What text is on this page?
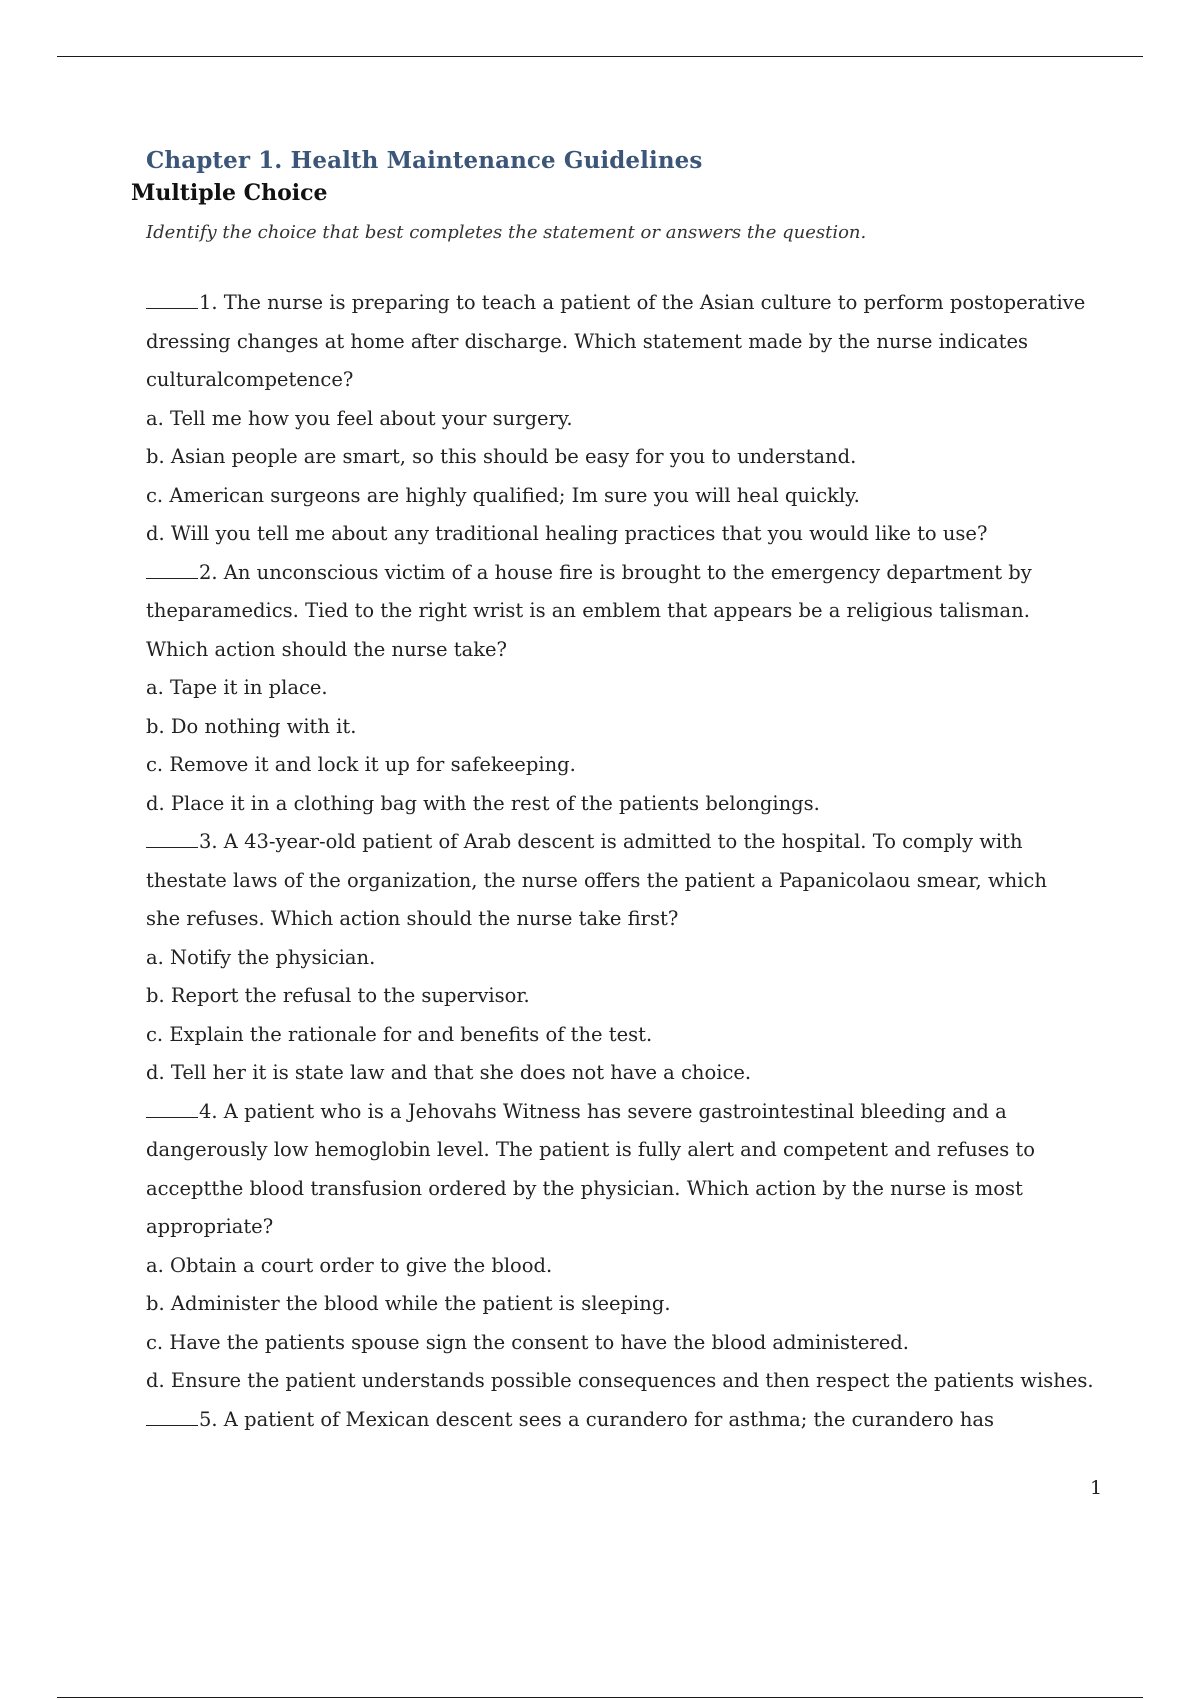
Chapter 1. Health Maintenance Guidelines
Multiple Choice

Identify the choice that best completes the statement or answers the question.

1. The nurse is preparing to teach a patient of the Asian culture to perform postoperative dressing changes at home after discharge. Which statement made by the nurse indicates culturalcompetence?

a. Tell me how you feel about your surgery.
b. Asian people are smart, so this should be easy for you to understand.
c. American surgeons are highly qualified; Im sure you will heal quickly.
d. Will you tell me about any traditional healing practices that you would like to use?

2. An unconscious victim of a house fire is brought to the emergency department by theparamedics. Tied to the right wrist is an emblem that appears be a religious talisman. Which action should the nurse take?

a. Tape it in place.
b. Do nothing with it.
c. Remove it and lock it up for safekeeping.
d. Place it in a clothing bag with the rest of the patients belongings.

3. A 43-year-old patient of Arab descent is admitted to the hospital. To comply with thestate laws of the organization, the nurse offers the patient a Papanicolaou smear, which she refuses. Which action should the nurse take first?

a. Notify the physician.
b. Report the refusal to the supervisor.
c. Explain the rationale for and benefits of the test.
d. Tell her it is state law and that she does not have a choice.

4. A patient who is a Jehovahs Witness has severe gastrointestinal bleeding and a dangerously low hemoglobin level. The patient is fully alert and competent and refuses to acceptthe blood transfusion ordered by the physician. Which action by the nurse is most appropriate?

a. Obtain a court order to give the blood.
b. Administer the blood while the patient is sleeping.
c. Have the patients spouse sign the consent to have the blood administered.
d. Ensure the patient understands possible consequences and then respect the patients wishes.

5. A patient of Mexican descent sees a curandero for asthma; the curandero has

1
